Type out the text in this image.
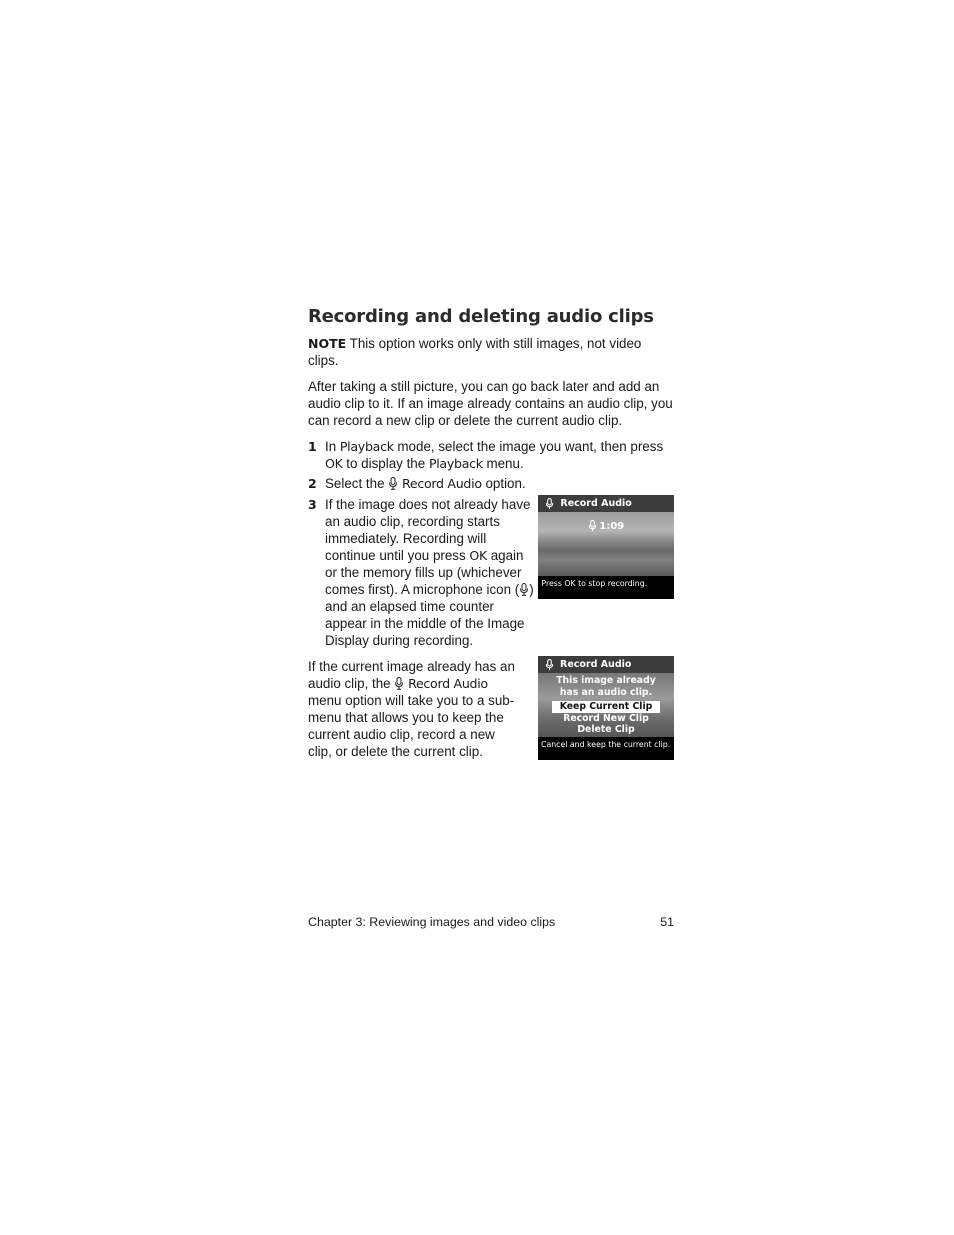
Recording and deleting audio clips

NOTE This option works only with still images, not video clips.

After taking a still picture, you can go back later and add an audio clip to it. If an image already contains an audio clip, you can record a new clip or delete the current audio clip.

1 In Playback mode, select the image you want, then press OK to display the Playback menu.
2 Select the  Record Audio option.
3 If the image does not already have an audio clip, recording starts immediately. Recording will continue until you press OK again or the memory fills up (whichever comes first). A microphone icon ( ) and an elapsed time counter appear in the middle of the Image Display during recording.
Record Audio
1:09
Press OK to stop recording.

If the current image already has an audio clip, the  Record Audio menu option will take you to a sub-menu that allows you to keep the current audio clip, record a new clip, or delete the current clip.

Record Audio
This image already has an audio clip.
Keep Current Clip
Record New Clip
Delete Clip
Cancel and keep the current clip.
Chapter 3: Reviewing images and video clips	51
